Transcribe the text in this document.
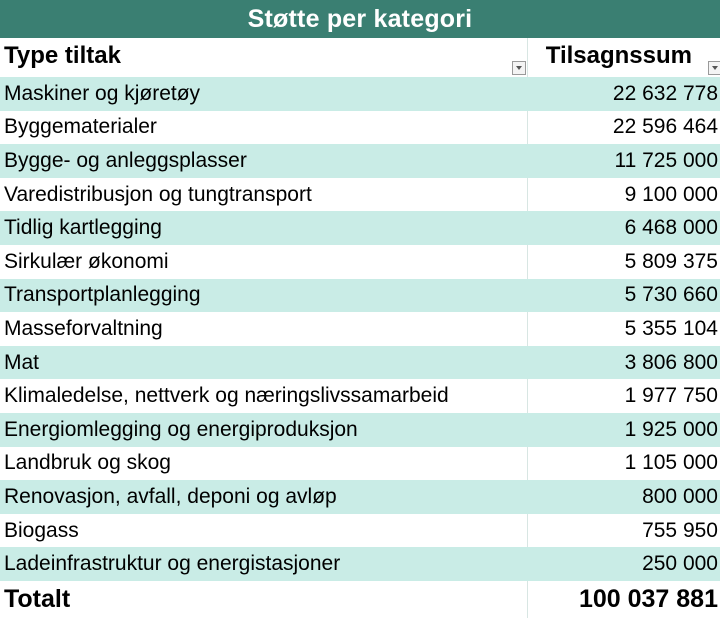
Støtte per kategori
Type tiltak	Tilsagnssum
Maskiner og kjøretøy	22 632 778
Byggematerialer	22 596 464
Bygge- og anleggsplasser	11 725 000
Varedistribusjon og tungtransport	9 100 000
Tidlig kartlegging	6 468 000
Sirkulær økonomi	5 809 375
Transportplanlegging	5 730 660
Masseforvaltning	5 355 104
Mat	3 806 800
Klimaledelse, nettverk og næringslivssamarbeid	1 977 750
Energiomlegging og energiproduksjon	1 925 000
Landbruk og skog	1 105 000
Renovasjon, avfall, deponi og avløp	800 000
Biogass	755 950
Ladeinfrastruktur og energistasjoner	250 000
Totalt	100 037 881
